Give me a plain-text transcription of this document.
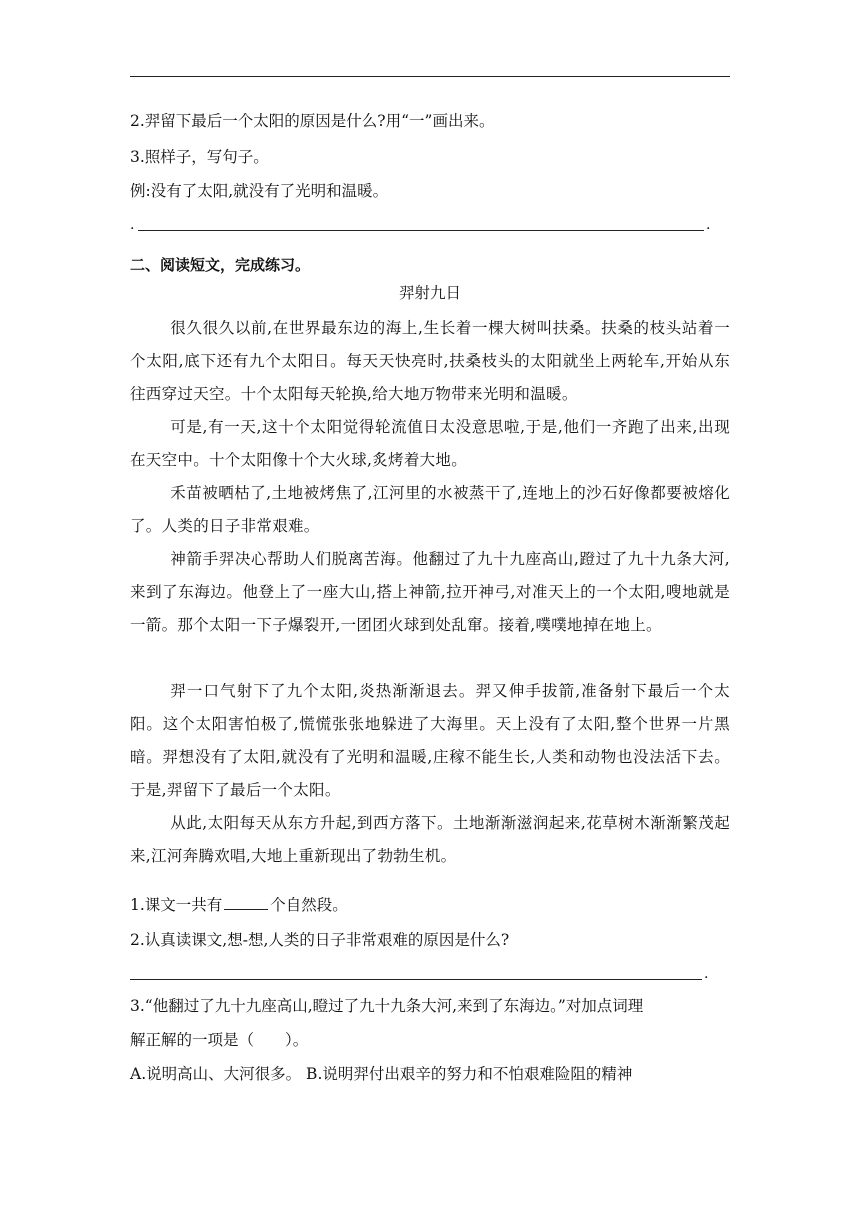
2.羿留下最后一个太阳的原因是什么?用“一”画出来。
3.照样子，写句子。
例:没有了太阳,就没有了光明和温暖。
.	.
二、阅读短文，完成练习。
羿射九日
很久很久以前,在世界最东边的海上,生长着一棵大树叫扶桑。扶桑的枝头站着一个太阳,底下还有九个太阳日。每天天快亮时,扶桑枝头的太阳就坐上两轮车,开始从东往西穿过天空。十个太阳每天轮换,给大地万物带来光明和温暖。
可是,有一天,这十个太阳觉得轮流值日太没意思啦,于是,他们一齐跑了出来,出现在天空中。十个太阳像十个大火球,炙烤着大地。
禾苗被晒枯了,土地被烤焦了,江河里的水被蒸干了,连地上的沙石好像都要被熔化了。人类的日子非常艰难。
神箭手羿决心帮助人们脱离苦海。他翻过了九十九座高山,蹬过了九十九条大河,来到了东海边。他登上了一座大山,搭上神箭,拉开神弓,对准天上的一个太阳,嗖地就是一箭。那个太阳一下子爆裂开,一团团火球到处乱窜。接着,噗噗地掉在地上。
羿一口气射下了九个太阳,炎热渐渐退去。羿又伸手拔箭,准备射下最后一个太阳。这个太阳害怕极了,慌慌张张地躲进了大海里。天上没有了太阳,整个世界一片黑暗。羿想没有了太阳,就没有了光明和温暖,庄稼不能生长,人类和动物也没法活下去。于是,羿留下了最后一个太阳。
从此,太阳每天从东方升起,到西方落下。土地渐渐滋润起来,花草树木渐渐繁茂起来,江河奔腾欢唱,大地上重新现出了勃勃生机。
1.课文一共有	个自然段。
2.认真读课文,想-想,人类的日子非常艰难的原因是什么?
.
3.“他翻过了九十九座高山,瞪过了九十九条大河,来到了东海边。”对加点词理
解正解的一项是（　　）。
A.说明高山、大河很多。 B.说明羿付出艰辛的努力和不怕艰难险阻的精神
